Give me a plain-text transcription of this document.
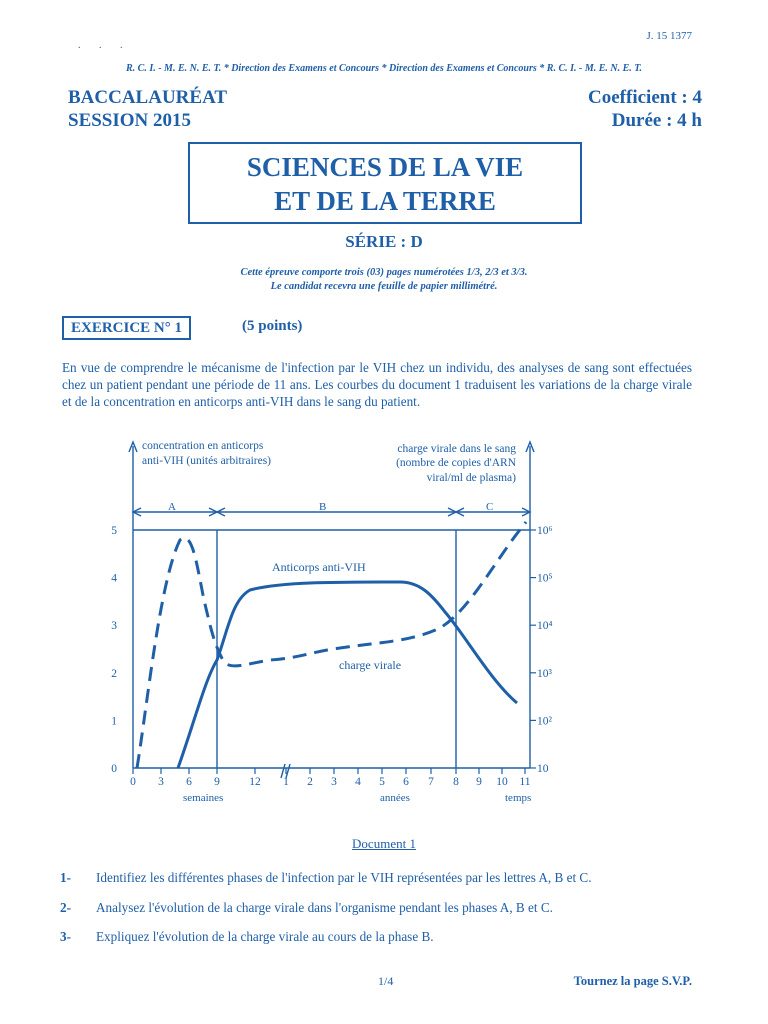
J. 15 1377
. . .
R. C. I. - M. E. N. E. T. * Direction des Examens et Concours * Direction des Examens et Concours * R. C. I. - M. E. N. E. T.
BACCALAURÉAT
SESSION 2015
Coefficient : 4
Durée : 4 h
SCIENCES DE LA VIE
ET DE LA TERRE
SÉRIE : D
Cette épreuve comporte trois (03) pages numérotées 1/3, 2/3 et 3/3.
Le candidat recevra une feuille de papier millimétré.
EXERCICE N° 1	(5 points)
En vue de comprendre le mécanisme de l'infection par le VIH chez un individu, des analyses de sang sont effectuées chez un patient pendant une période de 11 ans. Les courbes du document 1 traduisent les variations de la charge virale et de la concentration en anticorps anti-VIH dans le sang du patient.
concentration en anticorps
anti-VIH (unités arbitraires)
charge virale dans le sang
(nombre de copies d'ARN
viral/ml de plasma)
A	B	C
Anticorps anti-VIH
charge virale
0
1
2
3
4
5
10
10²
10³
10⁴
10⁵
10⁶
0 3 6 9	12 1 2 3 4 5 6 7 8 9 10 11
semaines	années	temps
Document 1
1- Identifiez les différentes phases de l'infection par le VIH représentées par les lettres A, B et C.
2- Analysez l'évolution de la charge virale dans l'organisme pendant les phases A, B et C.
3- Expliquez l'évolution de la charge virale au cours de la phase B.
1/4	Tournez la page S.V.P.
